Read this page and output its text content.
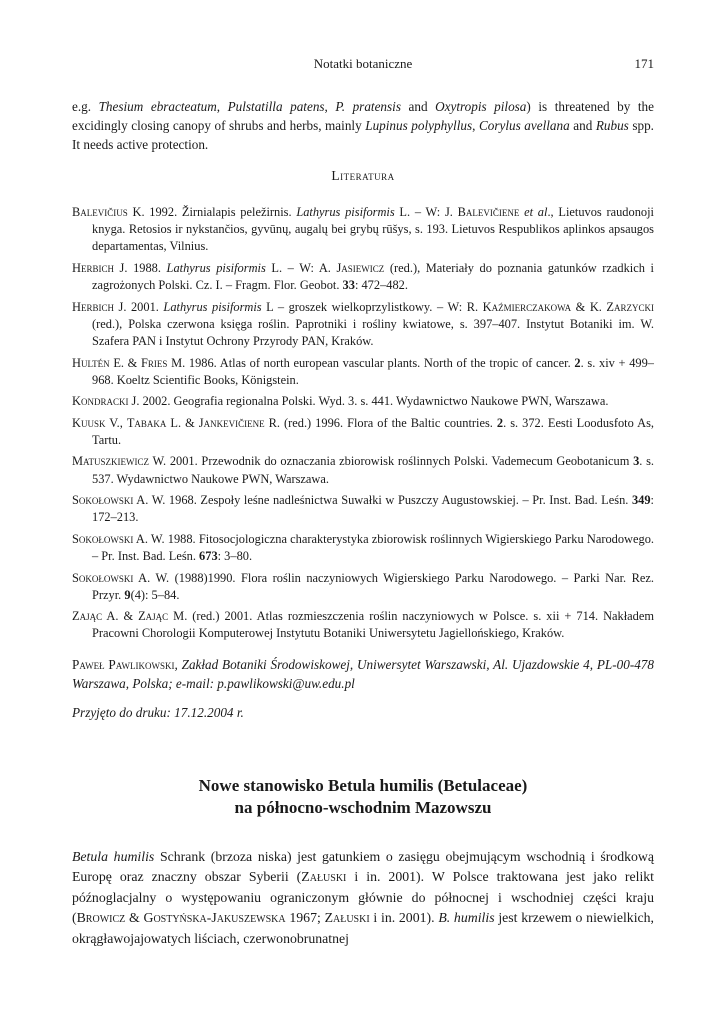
Notatki botaniczne	171

e.g. Thesium ebracteatum, Pulstatilla patens, P. pratensis and Oxytropis pilosa) is threatened by the excidingly closing canopy of shrubs and herbs, mainly Lupinus polyphyllus, Corylus avellana and Rubus spp. It needs active protection.

Literatura
Balevičius K. 1992. Žirnialapis peležirnis. Lathyrus pisiformis L. – W: J. Balevičiene et al., Lietuvos raudonoji knyga. Retosios ir nykstančios, gyvūnų, augalų bei grybų rūšys, s. 193. Lietuvos Respublikos aplinkos apsaugos departamentas, Vilnius.
Herbich J. 1988. Lathyrus pisiformis L. – W: A. Jasiewicz (red.), Materiały do poznania gatunków rzadkich i zagrożonych Polski. Cz. I. – Fragm. Flor. Geobot. 33: 472–482.
Herbich J. 2001. Lathyrus pisiformis L – groszek wielkoprzylistkowy. – W: R. Kaźmierczakowa & K. Zarzycki (red.), Polska czerwona księga roślin. Paprotniki i rośliny kwiatowe, s. 397–407. Instytut Botaniki im. W. Szafera PAN i Instytut Ochrony Przyrody PAN, Kraków.
Hultén E. & Fries M. 1986. Atlas of north european vascular plants. North of the tropic of cancer. 2. s. xiv + 499–968. Koeltz Scientific Books, Königstein.
Kondracki J. 2002. Geografia regionalna Polski. Wyd. 3. s. 441. Wydawnictwo Naukowe PWN, Warszawa.
Kuusk V., Tabaka L. & Jankevičiene R. (red.) 1996. Flora of the Baltic countries. 2. s. 372. Eesti Loodusfoto As, Tartu.
Matuszkiewicz W. 2001. Przewodnik do oznaczania zbiorowisk roślinnych Polski. Vademecum Geobotanicum 3. s. 537. Wydawnictwo Naukowe PWN, Warszawa.
Sokołowski A. W. 1968. Zespoły leśne nadleśnictwa Suwałki w Puszczy Augustowskiej. – Pr. Inst. Bad. Leśn. 349: 172–213.
Sokołowski A. W. 1988. Fitosocjologiczna charakterystyka zbiorowisk roślinnych Wigierskiego Parku Narodowego. – Pr. Inst. Bad. Leśn. 673: 3–80.
Sokołowski A. W. (1988)1990. Flora roślin naczyniowych Wigierskiego Parku Narodowego. – Parki Nar. Rez. Przyr. 9(4): 5–84.
Zając A. & Zając M. (red.) 2001. Atlas rozmieszczenia roślin naczyniowych w Polsce. s. xii + 714. Nakładem Pracowni Chorologii Komputerowej Instytutu Botaniki Uniwersytetu Jagiellońskiego, Kraków.

Paweł Pawlikowski, Zakład Botaniki Środowiskowej, Uniwersytet Warszawski, Al. Ujazdowskie 4, PL-00-478 Warszawa, Polska; e-mail: p.pawlikowski@uw.edu.pl

Przyjęto do druku: 17.12.2004 r.
Nowe stanowisko Betula humilis (Betulaceae)
na północno-wschodnim Mazowszu

Betula humilis Schrank (brzoza niska) jest gatunkiem o zasięgu obejmującym wschodnią i środkową Europę oraz znaczny obszar Syberii (Załuski i in. 2001). W Polsce traktowana jest jako relikt późnoglacjalny o występowaniu ograniczonym głównie do północnej i wschodniej części kraju (Browicz & Gostyńska-Jakuszewska 1967; Załuski i in. 2001). B. humilis jest krzewem o niewielkich, okrągławojajowatych liściach, czerwonobrunatnej
